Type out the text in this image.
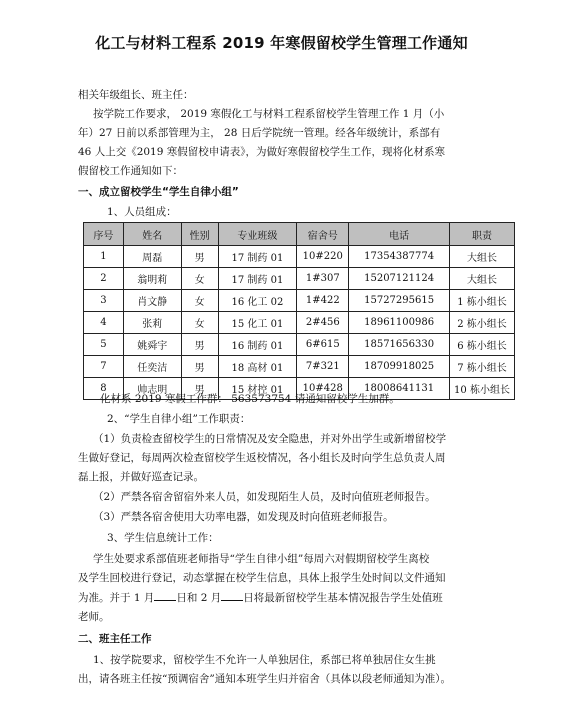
化工与材料工程系 2019 年寒假留校学生管理工作通知
相关年级组长、班主任：
按学院工作要求， 2019 寒假化工与材料工程系留校学生管理工作 1 月（小
年）27 日前以系部管理为主， 28 日后学院统一管理。经各年级统计，系部有
46 人上交《2019 寒假留校申请表》，为做好寒假留校学生工作，现将化材系寒
假留校工作通知如下：
一、成立留校学生“学生自律小组”
1、人员组成：
序号	姓名	性别	专业班级	宿舍号	电话	职责
1	周磊	男	17 制药 01	10#220	17354387774	大组长
2	翁明莉	女	17 制药 01	1#307	15207121124	大组长
3	肖文静	女	16 化工 02	1#422	15727295615	1 栋小组长
4	张莉	女	15 化工 01	2#456	18961100986	2 栋小组长
5	姚舜宇	男	16 制药 01	6#615	18571656330	6 栋小组长
7	任奕洁	男	18 高材 01	7#321	18709918025	7 栋小组长
8	帅志明	男	15 材控 01	10#428	18008641131	10 栋小组长
化材系 2019 寒假工作群： 563573754 请通知留校学生加群。
2、“学生自律小组”工作职责：
（1）负责检查留校学生的日常情况及安全隐患，并对外出学生或新增留校学
生做好登记，每周两次检查留校学生返校情况，各小组长及时向学生总负责人周
磊上报，并做好巡查记录。
（2）严禁各宿舍留宿外来人员，如发现陌生人员，及时向值班老师报告。
（3）严禁各宿舍使用大功率电器，如发现及时向值班老师报告。
3、学生信息统计工作：
学生处要求系部值班老师指导“学生自律小组”每周六对假期留校学生离校
及学生回校进行登记，动态掌握在校学生信息，具体上报学生处时间以文件通知
为准。并于 1 月 日和 2 月 日将最新留校学生基本情况报告学生处值班
老师。
二、班主任工作
1、按学院要求，留校学生不允许一人单独居住，系部已将单独居住女生挑
出，请各班主任按“预调宿舍”通知本班学生归并宿舍（具体以段老师通知为准）。
